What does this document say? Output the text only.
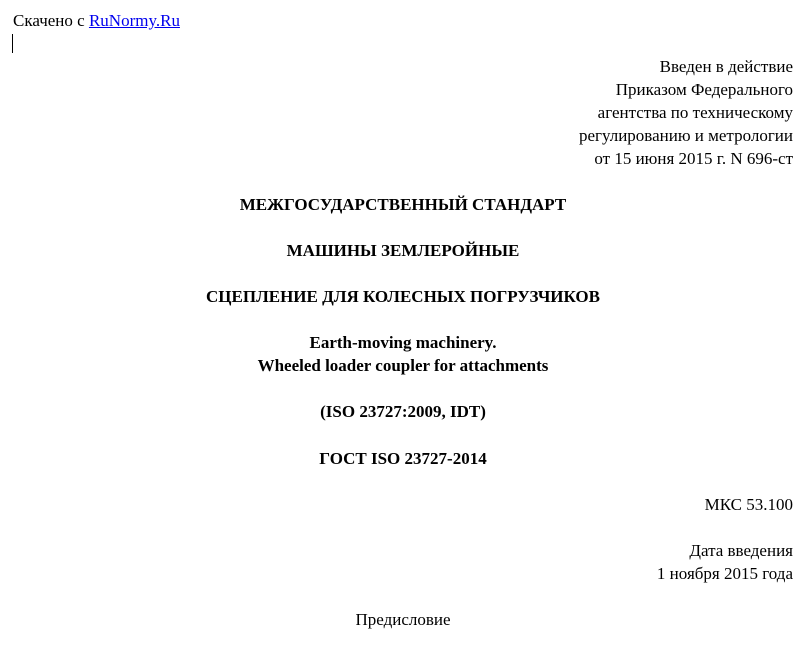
Скачено с RuNormy.Ru
Введен в действие
Приказом Федерального
агентства по техническому
регулированию и метрологии
от 15 июня 2015 г. N 696-ст
МЕЖГОСУДАРСТВЕННЫЙ СТАНДАРТ
МАШИНЫ ЗЕМЛЕРОЙНЫЕ
СЦЕПЛЕНИЕ ДЛЯ КОЛЕСНЫХ ПОГРУЗЧИКОВ
Earth-moving machinery.
Wheeled loader coupler for attachments
(ISO 23727:2009, IDT)
ГОСТ ISO 23727-2014
МКС 53.100
Дата введения
1 ноября 2015 года
Предисловие
